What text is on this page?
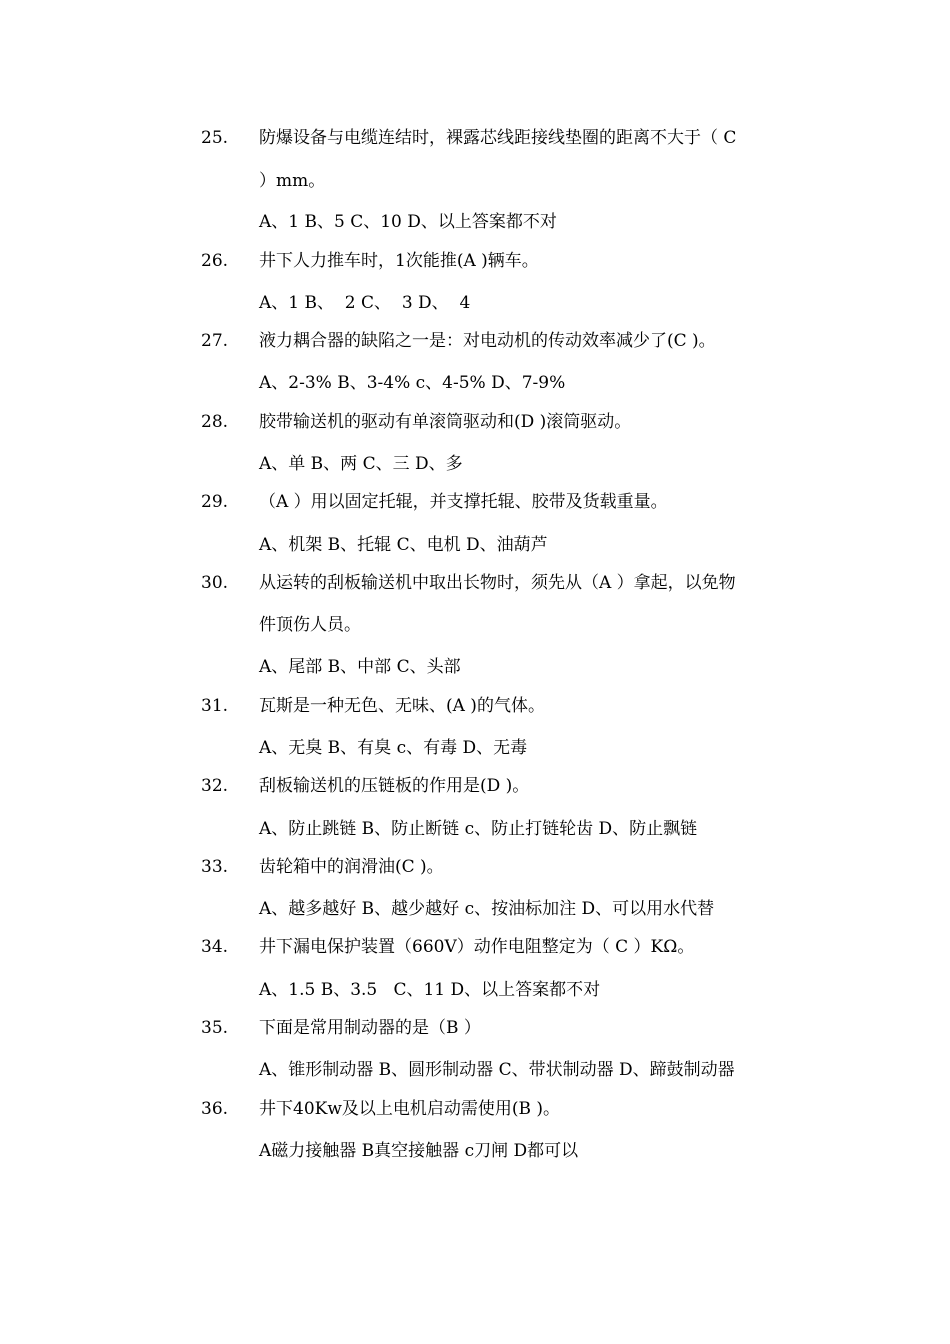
25. 防爆设备与电缆连结时，裸露芯线距接线垫圈的距离不大于（ C
）mm。
A、1 B、5 C、10 D、以上答案都不对
26. 井下人力推车时，1次能推(A )辆车。
A、1 B、  2 C、  3 D、  4
27. 液力耦合器的缺陷之一是：对电动机的传动效率减少了(C )。
A、2-3% B、3-4% c、4-5% D、7-9%
28. 胶带输送机的驱动有单滚筒驱动和(D )滚筒驱动。
A、单 B、两 C、三 D、多
29. （A ）用以固定托辊，并支撑托辊、胶带及货载重量。
A、机架 B、托辊 C、电机 D、油葫芦
30. 从运转的刮板输送机中取出长物时，须先从（A ）拿起，以免物
件顶伤人员。
A、尾部 B、中部 C、头部
31. 瓦斯是一种无色、无味、(A )的气体。
A、无臭 B、有臭 c、有毒 D、无毒
32. 刮板输送机的压链板的作用是(D )。
A、防止跳链 B、防止断链 c、防止打链轮齿 D、防止飘链
33. 齿轮箱中的润滑油(C )。
A、越多越好 B、越少越好 c、按油标加注 D、可以用水代替
34. 井下漏电保护装置（660V）动作电阻整定为（ C ）KΩ。
A、1.5 B、3.5   C、11 D、以上答案都不对
35. 下面是常用制动器的是（B ）
A、锥形制动器 B、圆形制动器 C、带状制动器 D、蹄鼓制动器
36. 井下40Kw及以上电机启动需使用(B )。
A磁力接触器 B真空接触器 c刀闸 D都可以
